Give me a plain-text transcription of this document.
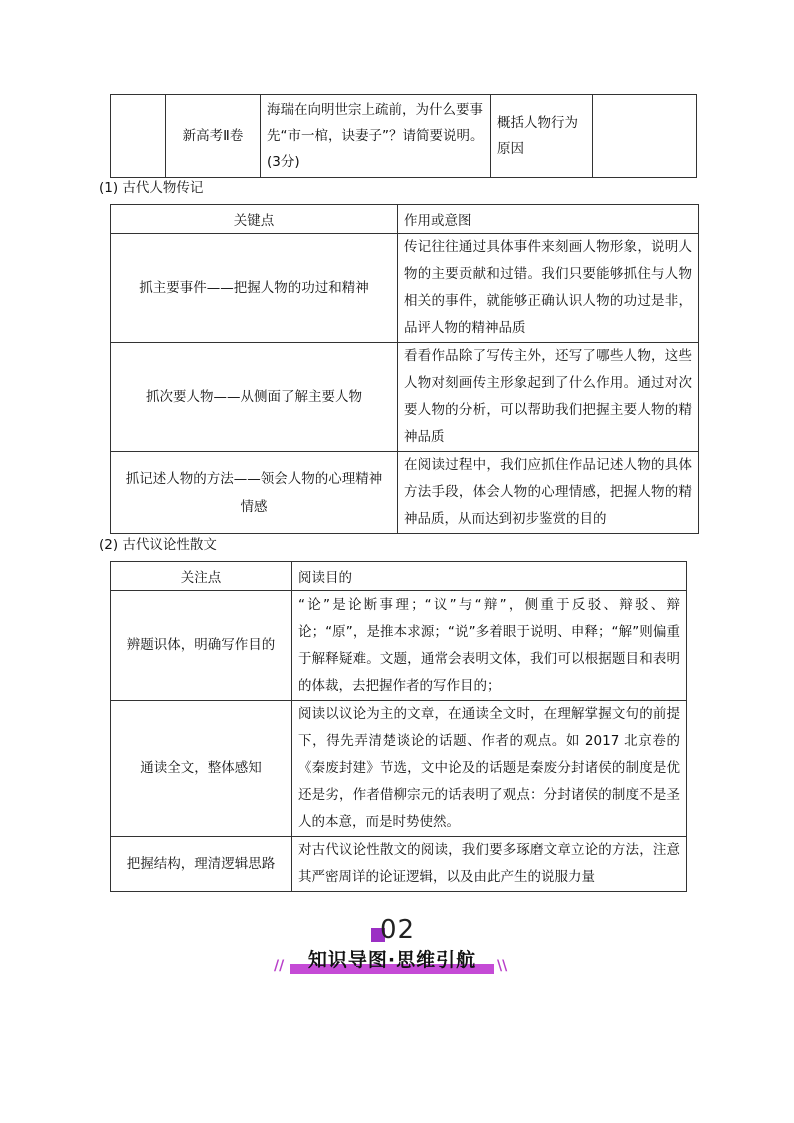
	新高考Ⅱ卷	海瑞在向明世宗上疏前，为什么要事先“市一棺，诀妻子”？请简要说明。(3分)	概括人物行为原因	
(1) 古代人物传记
关键点	作用或意图
抓主要事件——把握人物的功过和精神	传记往往通过具体事件来刻画人物形象，说明人物的主要贡献和过错。我们只要能够抓住与人物相关的事件，就能够正确认识人物的功过是非，品评人物的精神品质
抓次要人物——从侧面了解主要人物	看看作品除了写传主外，还写了哪些人物，这些人物对刻画传主形象起到了什么作用。通过对次要人物的分析，可以帮助我们把握主要人物的精神品质
抓记述人物的方法——领会人物的心理精神情感	在阅读过程中，我们应抓住作品记述人物的具体方法手段，体会人物的心理情感，把握人物的精神品质，从而达到初步鉴赏的目的
(2) 古代议论性散文
关注点	阅读目的
辨题识体，明确写作目的	“论”是论断事理；“议”与“辩”，侧重于反驳、辩驳、辩论；“原”，是推本求源；“说”多着眼于说明、申释；“解”则偏重于解释疑难。文题，通常会表明文体，我们可以根据题目和表明的体裁，去把握作者的写作目的；
通读全文，整体感知	阅读以议论为主的文章，在通读全文时，在理解掌握文句的前提下，得先弄清楚谈论的话题、作者的观点。如 2017 北京卷的《秦废封建》节选，文中论及的话题是秦废分封诸侯的制度是优还是劣，作者借柳宗元的话表明了观点：分封诸侯的制度不是圣人的本意，而是时势使然。
把握结构，理清逻辑思路	对古代议论性散文的阅读，我们要多琢磨文章立论的方法，注意其严密周详的论证逻辑，以及由此产生的说服力量
02
//	知识导图·思维引航	\\
